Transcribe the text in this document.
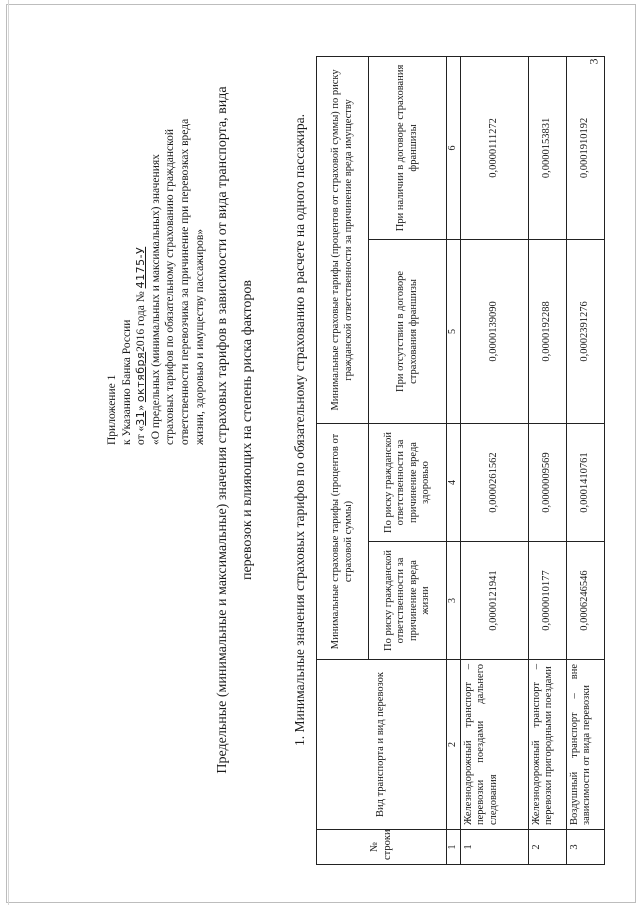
3
Приложение 1 к Указанию Банка России от «31» октября2016 года № 4175-У «О предельных (минимальных и максимальных) значениях страховых тарифов по обязательному страхованию гражданской ответственности перевозчика за причинение при перевозках вреда жизни, здоровью и имуществу пассажиров» Предельные (минимальные и максимальные) значения страховых тарифов в зависимости от вида транспорта, вида перевозок и влияющих на степень риска факторов	1. Минимальные значения страховых тарифов по обязательному страхованию в расчете на одного пассажира.
№ строки	Вид транспорта и вид перевозок	Минимальные страховые тарифы (процентов от страховой суммы)		Минимальные страховые тарифы (процентов от страховой суммы) по риску гражданской ответственности за причинение вреда имуществу	
		По риску гражданской ответственности за причинение вреда жизни	По риску гражданской ответственности за причинение вреда здоровью	При отсутствии в договоре страхования франшизы	При наличии в договоре страхования франшизы
1	2	3	4	5	6
1	Железнодорожный транспорт – перевозки поездами дальнего следования	0,0000121941	0,0000261562	0,0000139090	0,0000111272
2	Железнодорожный транспорт – перевозки пригородными поездами	0,0000010177	0,0000009569	0,0000192288	0,0000153831
3	Воздушный транспорт – вне зависимости от вида перевозки	0,0006246546	0,0001410761	0,0002391276	0,0001910192
